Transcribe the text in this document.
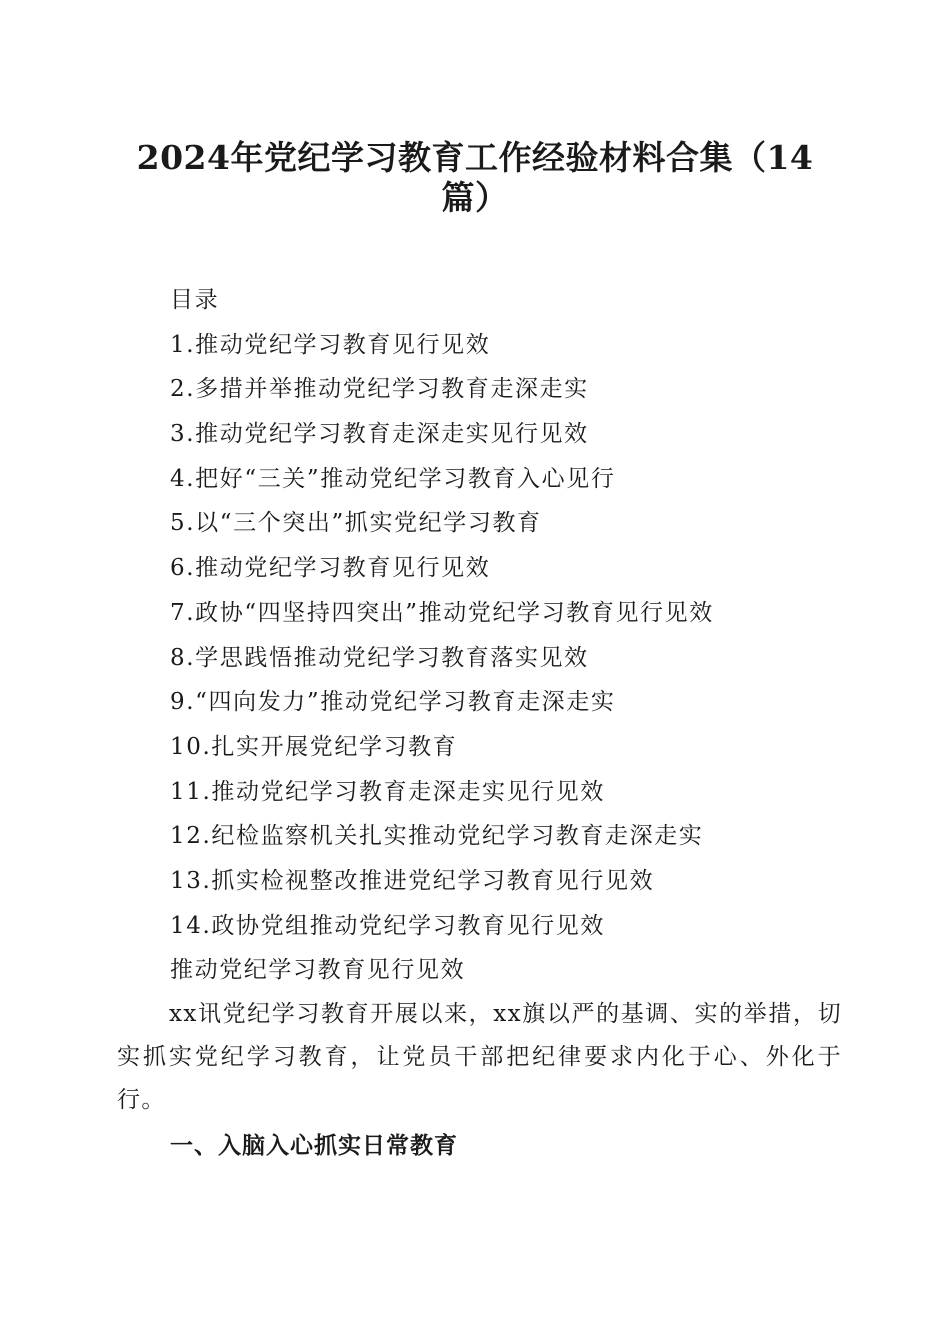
2024年党纪学习教育工作经验材料合集（14
篇）
目录
1.推动党纪学习教育见行见效
2.多措并举推动党纪学习教育走深走实
3.推动党纪学习教育走深走实见行见效
4.把好“三关”推动党纪学习教育入心见行
5.以“三个突出”抓实党纪学习教育
6.推动党纪学习教育见行见效
7.政协“四坚持四突出”推动党纪学习教育见行见效
8.学思践悟推动党纪学习教育落实见效
9.“四向发力”推动党纪学习教育走深走实
10.扎实开展党纪学习教育
11.推动党纪学习教育走深走实见行见效
12.纪检监察机关扎实推动党纪学习教育走深走实
13.抓实检视整改推进党纪学习教育见行见效
14.政协党组推动党纪学习教育见行见效
推动党纪学习教育见行见效

xx讯党纪学习教育开展以来，xx旗以严的基调、实的举措，切实抓实党纪学习教育，让党员干部把纪律要求内化于心、外化于行。

一、入脑入心抓实日常教育
